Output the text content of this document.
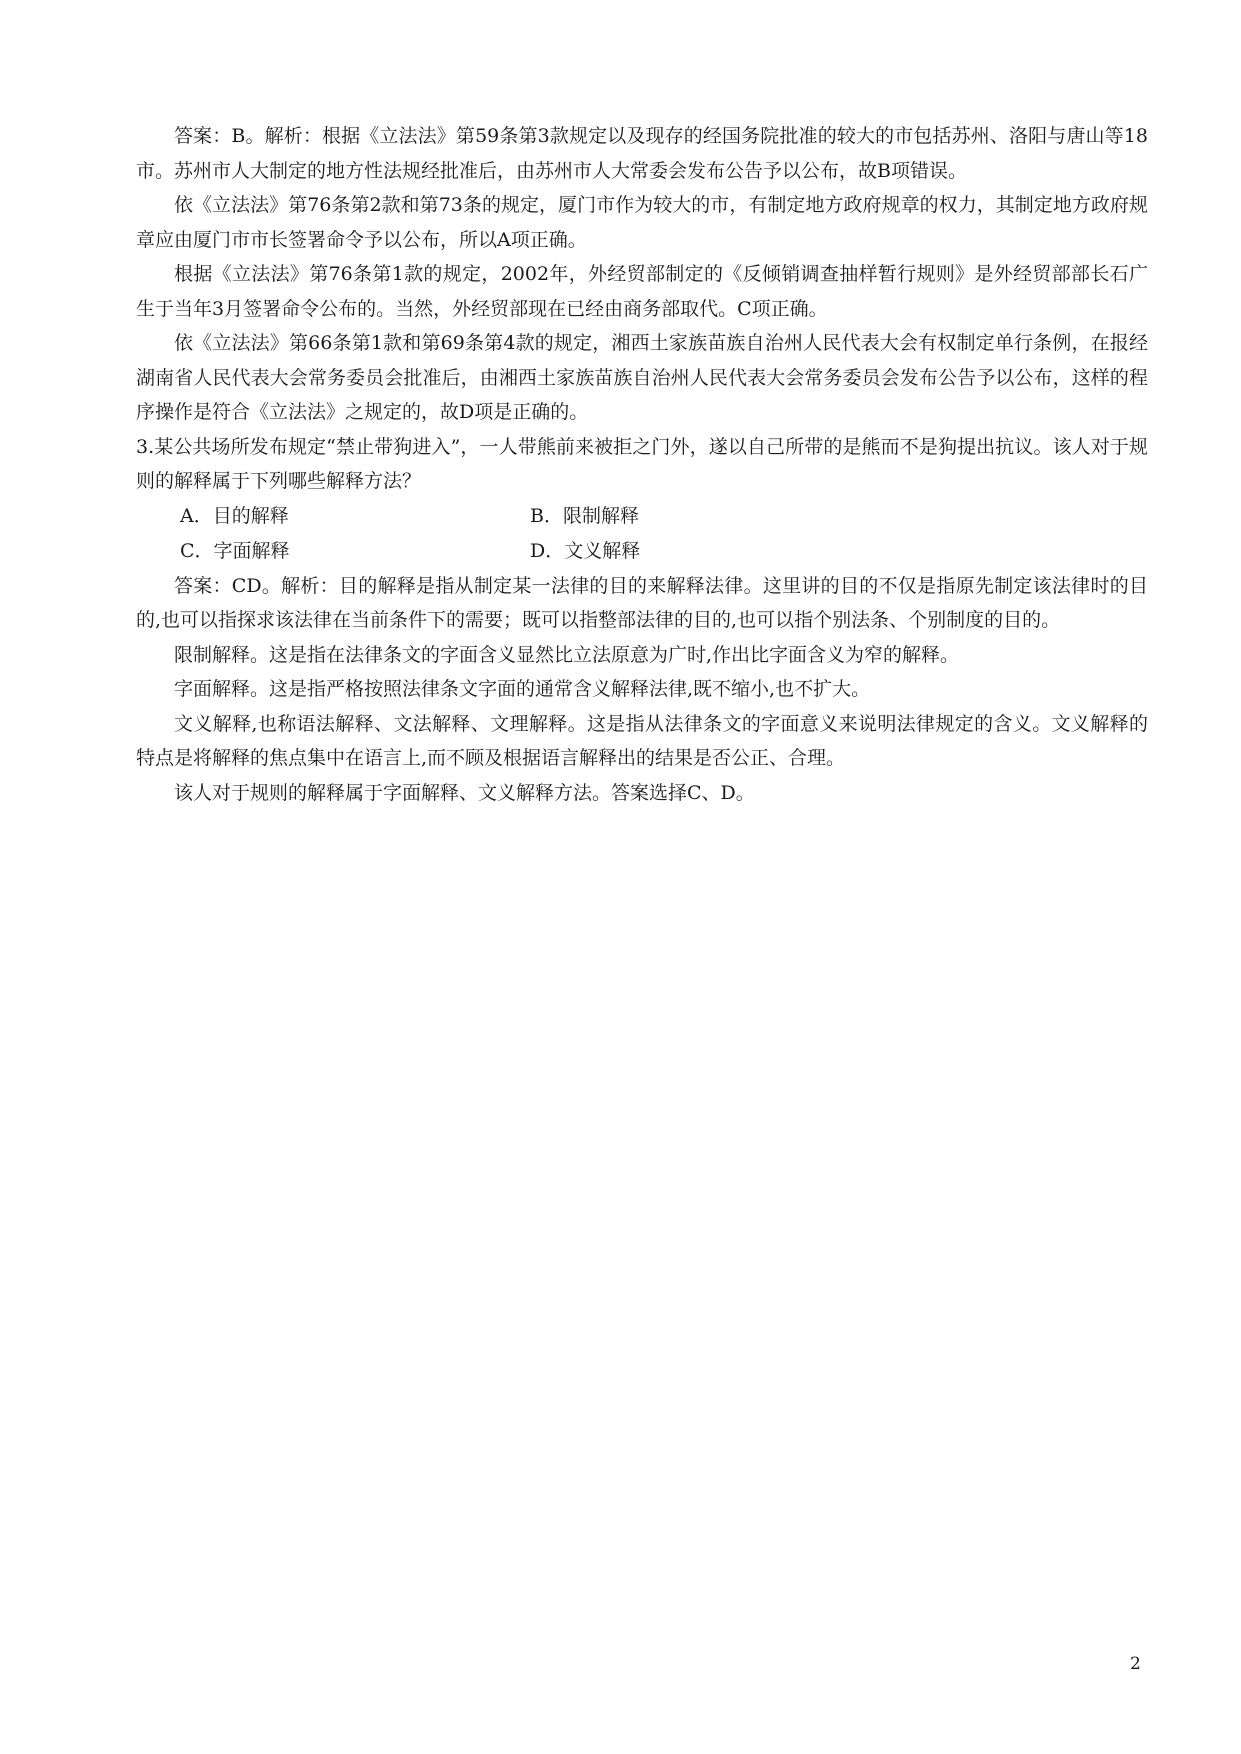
答案：B。解析：根据《立法法》第59条第3款规定以及现存的经国务院批准的较大的市包括苏州、洛阳与唐山等18市。苏州市人大制定的地方性法规经批准后，由苏州市人大常委会发布公告予以公布，故B项错误。

依《立法法》第76条第2款和第73条的规定，厦门市作为较大的市，有制定地方政府规章的权力，其制定地方政府规章应由厦门市市长签署命令予以公布，所以A项正确。

根据《立法法》第76条第1款的规定，2002年，外经贸部制定的《反倾销调查抽样暂行规则》是外经贸部部长石广生于当年3月签署命令公布的。当然，外经贸部现在已经由商务部取代。C项正确。

依《立法法》第66条第1款和第69条第4款的规定，湘西土家族苗族自治州人民代表大会有权制定单行条例，在报经湖南省人民代表大会常务委员会批准后，由湘西土家族苗族自治州人民代表大会常务委员会发布公告予以公布，这样的程序操作是符合《立法法》之规定的，故D项是正确的。

3.某公共场所发布规定“禁止带狗进入”，一人带熊前来被拒之门外，遂以自己所带的是熊而不是狗提出抗议。该人对于规则的解释属于下列哪些解释方法？

A．目的解释	B．限制解释
C．字面解释	D．文义解释

答案：CD。解析：目的解释是指从制定某一法律的目的来解释法律。这里讲的目的不仅是指原先制定该法律时的目的,也可以指探求该法律在当前条件下的需要；既可以指整部法律的目的,也可以指个别法条、个别制度的目的。

限制解释。这是指在法律条文的字面含义显然比立法原意为广时,作出比字面含义为窄的解释。

字面解释。这是指严格按照法律条文字面的通常含义解释法律,既不缩小,也不扩大。

文义解释,也称语法解释、文法解释、文理解释。这是指从法律条文的字面意义来说明法律规定的含义。文义解释的特点是将解释的焦点集中在语言上,而不顾及根据语言解释出的结果是否公正、合理。

该人对于规则的解释属于字面解释、文义解释方法。答案选择C、D。

2
